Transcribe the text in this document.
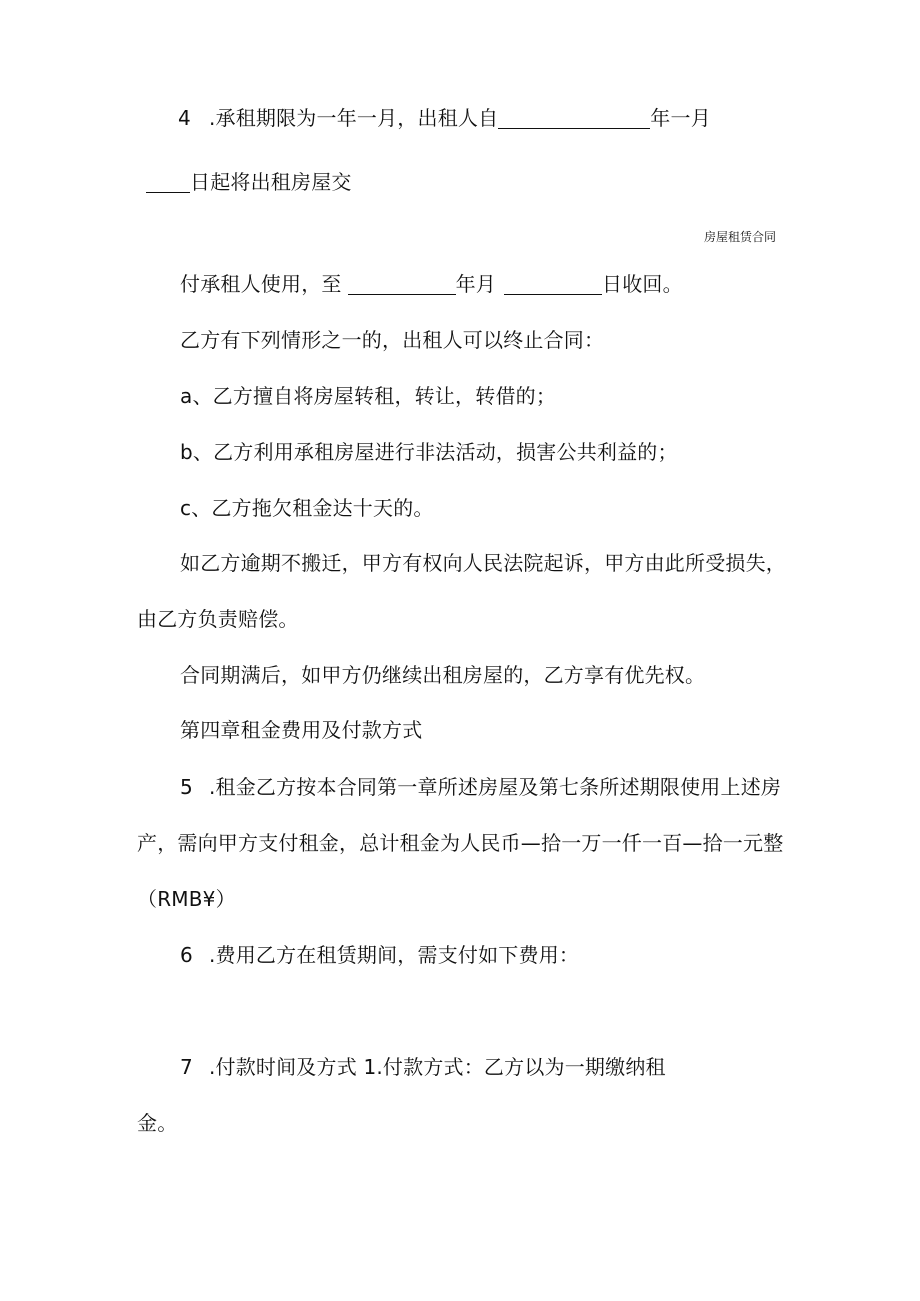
4 .承租期限为一年一月，出租人自	年一月
日起将出租房屋交
房屋租赁合同
付承租人使用，至	年月	日收回。
乙方有下列情形之一的，出租人可以终止合同：
a、乙方擅自将房屋转租，转让，转借的；
b、乙方利用承租房屋进行非法活动，损害公共利益的；
c、乙方拖欠租金达十天的。
如乙方逾期不搬迁，甲方有权向人民法院起诉，甲方由此所受损失，
由乙方负责赔偿。
合同期满后，如甲方仍继续出租房屋的，乙方享有优先权。
第四章租金费用及付款方式
5 .租金乙方按本合同第一章所述房屋及第七条所述期限使用上述房
产，需向甲方支付租金，总计租金为人民币—拾一万一仟一百—拾一元整
（RMB¥）
6 .费用乙方在租赁期间，需支付如下费用：
7 .付款时间及方式 1.付款方式：乙方以为一期缴纳租
金。
